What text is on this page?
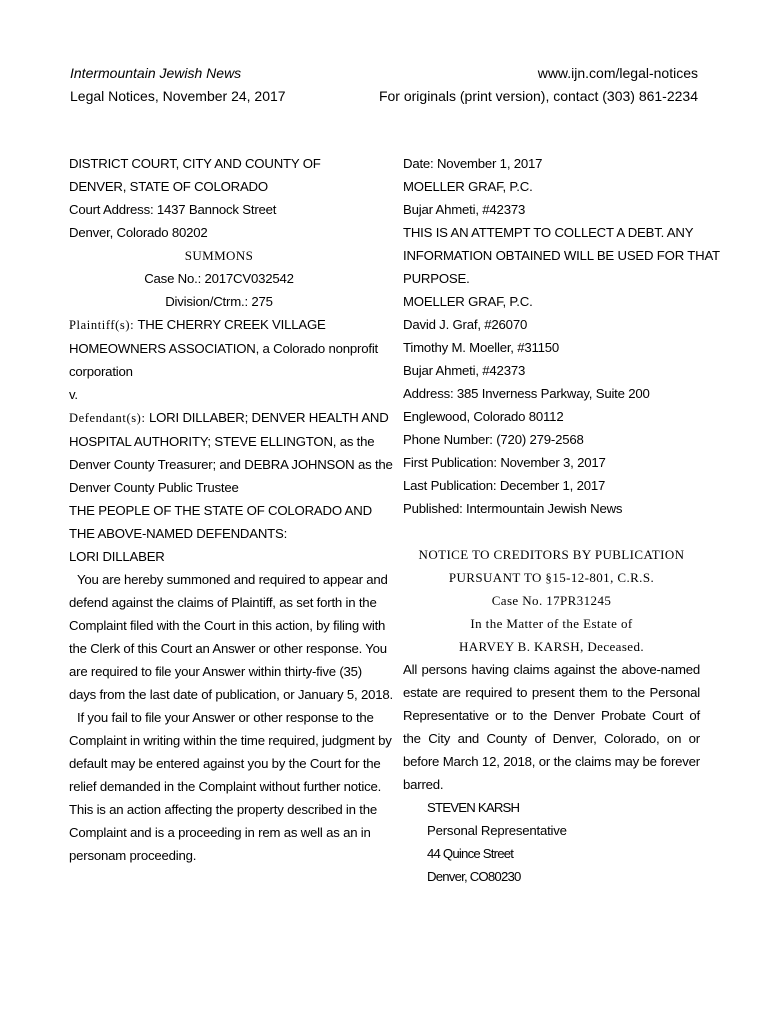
Intermountain Jewish News
Legal Notices, November 24, 2017
www.ijn.com/legal-notices
For originals (print version), contact (303) 861-2234
DISTRICT COURT, CITY AND COUNTY OF
DENVER, STATE OF COLORADO
Court Address: 1437 Bannock Street
Denver, Colorado 80202
SUMMONS
Case No.: 2017CV032542
Division/Ctrm.: 275
Plaintiff(s): THE CHERRY CREEK VILLAGE
HOMEOWNERS ASSOCIATION, a Colorado nonprofit
corporation
v.
Defendant(s): LORI DILLABER; DENVER HEALTH AND
HOSPITAL AUTHORITY; STEVE ELLINGTON, as the
Denver County Treasurer; and DEBRA JOHNSON as the
Denver County Public Trustee
THE PEOPLE OF THE STATE OF COLORADO AND
THE ABOVE-NAMED DEFENDANTS:
LORI DILLABER
You are hereby summoned and required to appear and
defend against the claims of Plaintiff, as set forth in the
Complaint filed with the Court in this action, by filing with
the Clerk of this Court an Answer or other response. You
are required to file your Answer within thirty-five (35)
days from the last date of publication, or January 5, 2018.
If you fail to file your Answer or other response to the
Complaint in writing within the time required, judgment by
default may be entered against you by the Court for the
relief demanded in the Complaint without further notice.
This is an action affecting the property described in the
Complaint and is a proceeding in rem as well as an in
personam proceeding.
Date: November 1, 2017
MOELLER GRAF, P.C.
Bujar Ahmeti, #42373
THIS IS AN ATTEMPT TO COLLECT A DEBT. ANY
INFORMATION OBTAINED WILL BE USED FOR THAT
PURPOSE.
MOELLER GRAF, P.C.
David J. Graf, #26070
Timothy M. Moeller, #31150
Bujar Ahmeti, #42373
Address: 385 Inverness Parkway, Suite 200
Englewood, Colorado 80112
Phone Number: (720) 279-2568
First Publication: November 3, 2017
Last Publication: December 1, 2017
Published: Intermountain Jewish News
NOTICE TO CREDITORS BY PUBLICATION
PURSUANT TO §15-12-801, C.R.S.
Case No. 17PR31245
In the Matter of the Estate of
HARVEY B. KARSH, Deceased.
All persons having claims against the above-named estate are required to present them to the Personal Representative or to the Denver Probate Court of the City and County of Denver, Colorado, on or before March 12, 2018, or the claims may be forever barred.
STEVEN KARSH
Personal Representative
44 Quince Street
Denver, CO80230
